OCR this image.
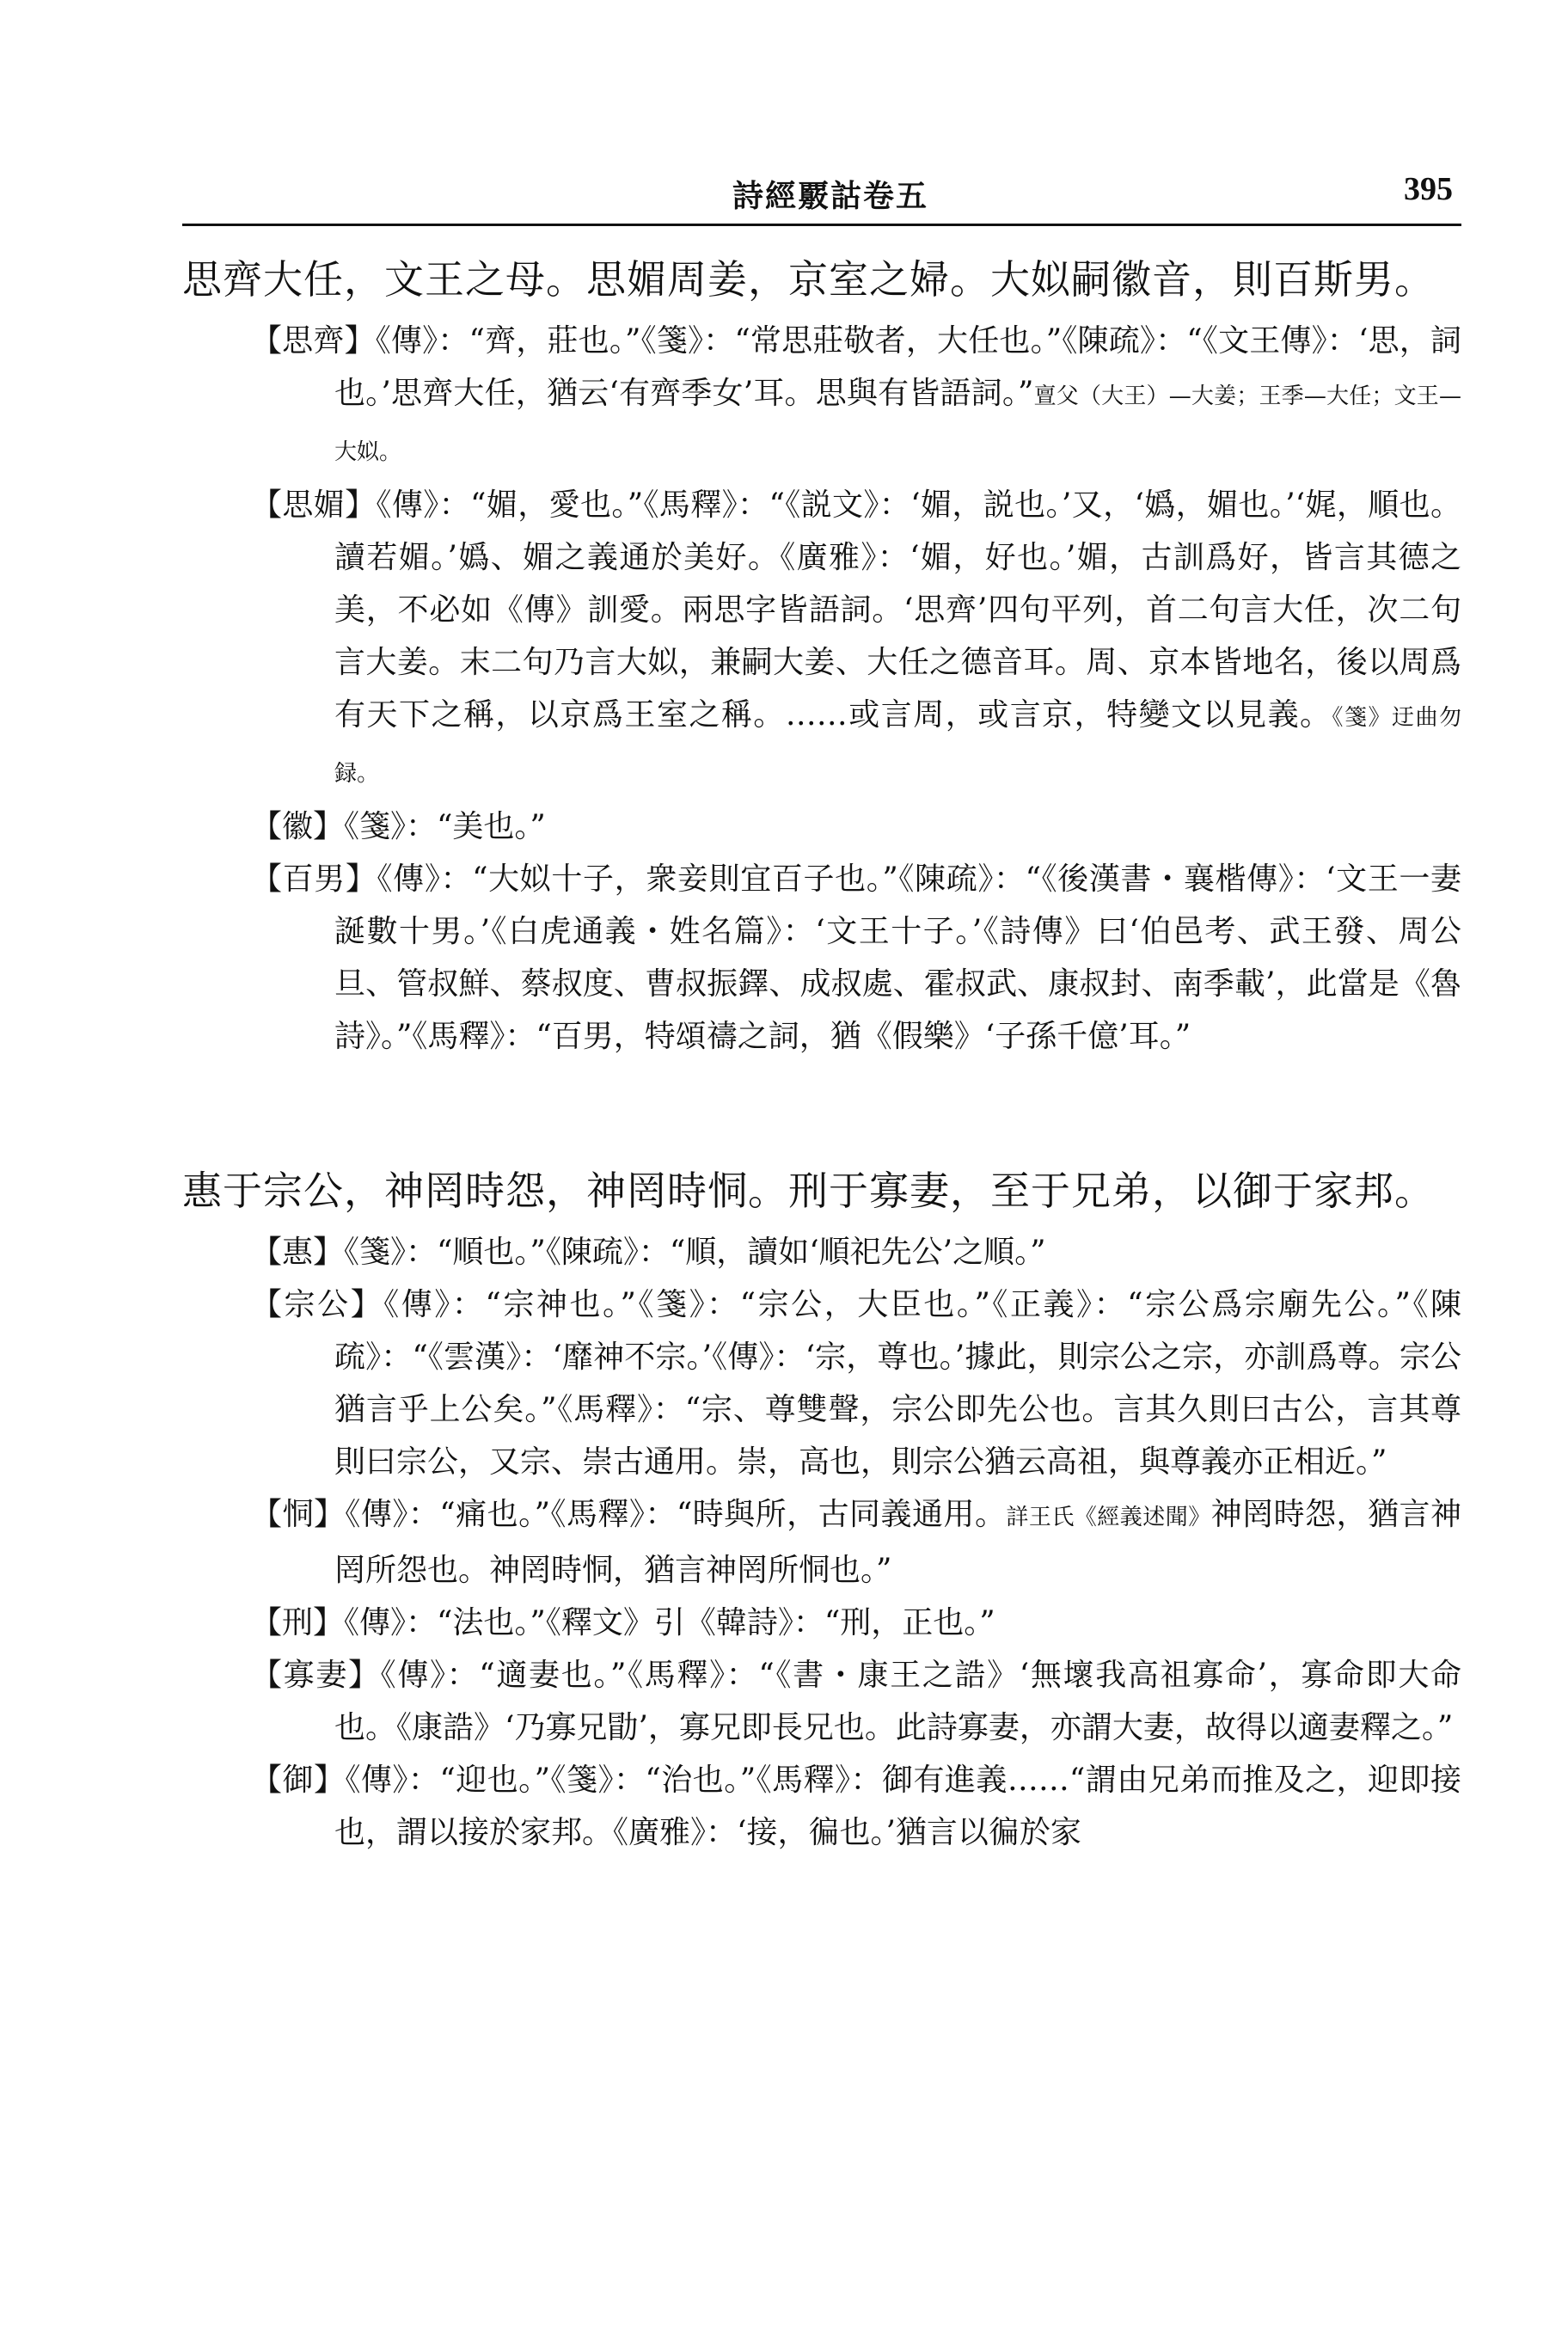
詩經覈詁卷五	395

思齊大任，文王之母。思媚周姜，京室之婦。大姒嗣徽音，則百斯男。

【思齊】《傳》：“齊，莊也。”《箋》：“常思莊敬者，大任也。”《陳疏》：“《文王傳》：‘思，詞也。’思齊大任，猶云‘有齊季女’耳。思與有皆語詞。”亶父（大王）—大姜；王季—大任；文王—大姒。

【思媚】《傳》：“媚，愛也。”《馬釋》：“《説文》：‘媚，説也。’又，‘嬀，媚也。’‘娓，順也。讀若媚。’嬀、媚之義通於美好。《廣雅》：‘媚，好也。’媚，古訓爲好，皆言其德之美，不必如《傳》訓愛。兩思字皆語詞。‘思齊’四句平列，首二句言大任，次二句言大姜。末二句乃言大姒，兼嗣大姜、大任之德音耳。周、京本皆地名，後以周爲有天下之稱，以京爲王室之稱。……或言周，或言京，特變文以見義。《箋》迂曲勿録。

【徽】《箋》：“美也。”

【百男】《傳》：“大姒十子，衆妾則宜百子也。”《陳疏》：“《後漢書・襄楷傳》：‘文王一妻誕數十男。’《白虎通義・姓名篇》：‘文王十子。’《詩傳》曰‘伯邑考、武王發、周公旦、管叔鮮、蔡叔度、曹叔振鐸、成叔處、霍叔武、康叔封、南季載’，此當是《魯詩》。”《馬釋》：“百男，特頌禱之詞，猶《假樂》‘子孫千億’耳。”

惠于宗公，神罔時怨，神罔時恫。刑于寡妻，至于兄弟，以御于家邦。

【惠】《箋》：“順也。”《陳疏》：“順，讀如‘順祀先公’之順。”

【宗公】《傳》：“宗神也。”《箋》：“宗公，大臣也。”《正義》：“宗公爲宗廟先公。”《陳疏》：“《雲漢》：‘靡神不宗。’《傳》：‘宗，尊也。’據此，則宗公之宗，亦訓爲尊。宗公猶言乎上公矣。”《馬釋》：“宗、尊雙聲，宗公即先公也。言其久則曰古公，言其尊則曰宗公，又宗、崇古通用。崇，高也，則宗公猶云高祖，與尊義亦正相近。”

【恫】《傳》：“痛也。”《馬釋》：“時與所，古同義通用。詳王氏《經義述聞》神罔時怨，猶言神罔所怨也。神罔時恫，猶言神罔所恫也。”

【刑】《傳》：“法也。”《釋文》引《韓詩》：“刑，正也。”

【寡妻】《傳》：“適妻也。”《馬釋》：“《書・康王之誥》‘無壞我高祖寡命’，寡命即大命也。《康誥》‘乃寡兄勖’，寡兄即長兄也。此詩寡妻，亦謂大妻，故得以適妻釋之。”

【御】《傳》：“迎也。”《箋》：“治也。”《馬釋》：御有進義……“謂由兄弟而推及之，迎即接也，謂以接於家邦。《廣雅》：‘接，徧也。’猶言以徧於家
